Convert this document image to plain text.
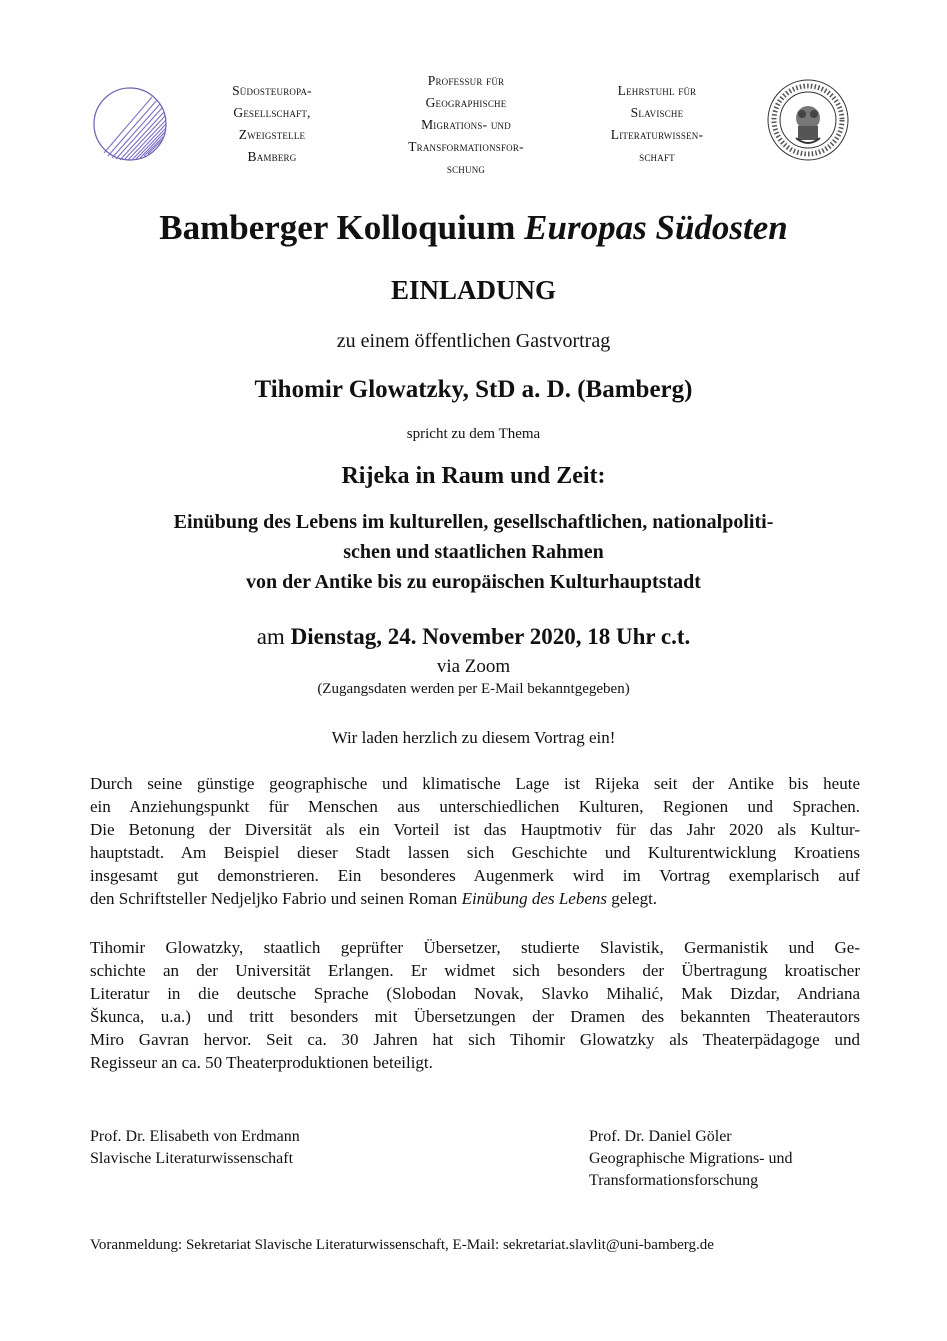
Südosteuropa-
Gesellschaft,
Zweigstelle
Bamberg
Professur für
Geographische
Migrations- und
Transformationsfor-
schung
Lehrstuhl für
Slavische
Literaturwissen-
schaft
Bamberger Kolloquium Europas Südosten
EINLADUNG
zu einem öffentlichen Gastvortrag
Tihomir Glowatzky, StD a. D. (Bamberg)
spricht zu dem Thema
Rijeka in Raum und Zeit:
Einübung des Lebens im kulturellen, gesellschaftlichen, nationalpoliti-
schen und staatlichen Rahmen
von der Antike bis zu europäischen Kulturhauptstadt
am Dienstag, 24. November 2020, 18 Uhr c.t.
via Zoom
(Zugangsdaten werden per E-Mail bekanntgegeben)
Wir laden herzlich zu diesem Vortrag ein!
Durch seine günstige geographische und klimatische Lage ist Rijeka seit der Antike bis heute
ein Anziehungspunkt für Menschen aus unterschiedlichen Kulturen, Regionen und Sprachen.
Die Betonung der Diversität als ein Vorteil ist das Hauptmotiv für das Jahr 2020 als Kultur-
hauptstadt. Am Beispiel dieser Stadt lassen sich Geschichte und Kulturentwicklung Kroatiens
insgesamt gut demonstrieren. Ein besonderes Augenmerk wird im Vortrag exemplarisch auf
den Schriftsteller Nedjeljko Fabrio und seinen Roman Einübung des Lebens gelegt.
Tihomir Glowatzky, staatlich geprüfter Übersetzer, studierte Slavistik, Germanistik und Ge-
schichte an der Universität Erlangen. Er widmet sich besonders der Übertragung kroatischer
Literatur in die deutsche Sprache (Slobodan Novak, Slavko Mihalić, Mak Dizdar, Andriana
Škunca, u.a.) und tritt besonders mit Übersetzungen der Dramen des bekannten Theaterautors
Miro Gavran hervor. Seit ca. 30 Jahren hat sich Tihomir Glowatzky als Theaterpädagoge und
Regisseur an ca. 50 Theaterproduktionen beteiligt.
Prof. Dr. Elisabeth von Erdmann
Slavische Literaturwissenschaft
Prof. Dr. Daniel Göler
Geographische Migrations- und
Transformationsforschung
Voranmeldung: Sekretariat Slavische Literaturwissenschaft, E-Mail: sekretariat.slavlit@uni-bamberg.de
